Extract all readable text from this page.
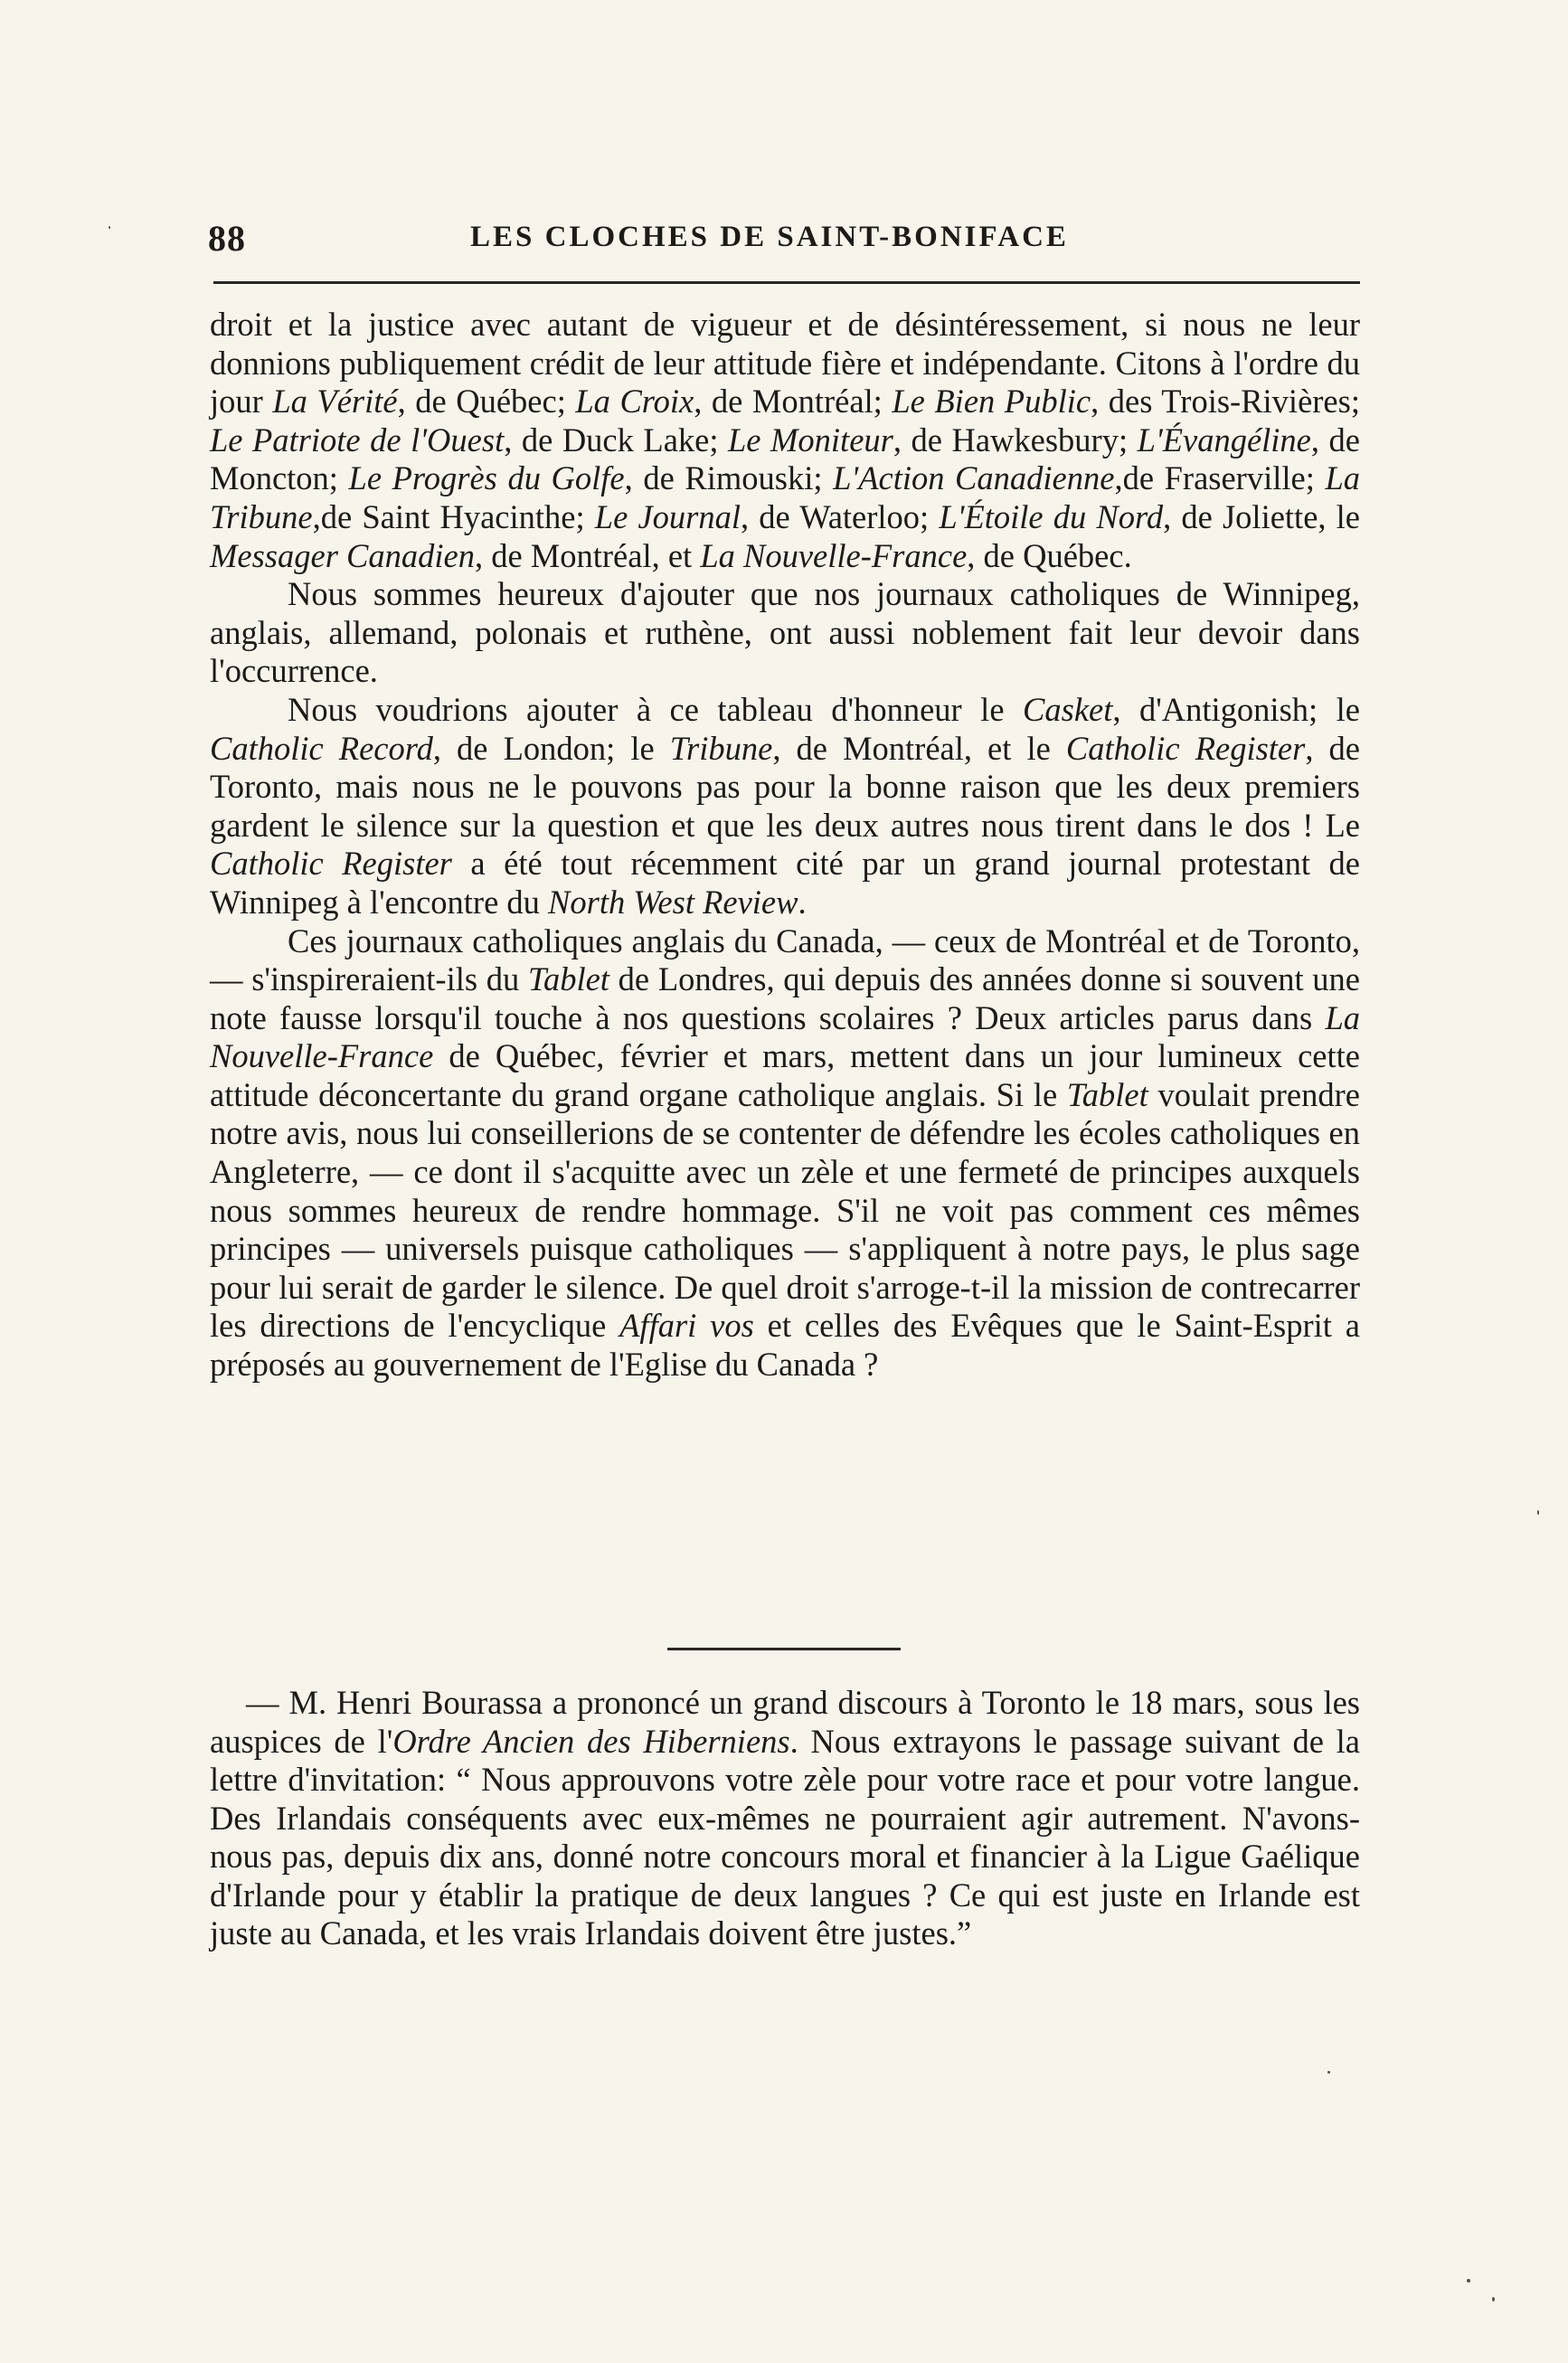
88	LES CLOCHES DE SAINT-BONIFACE

droit et la justice avec autant de vigueur et de désintéressement, si nous ne leur donnions publiquement crédit de leur attitude fière et indépendante. Citons à l'ordre du jour La Vérité, de Québec; La Croix, de Montréal; Le Bien Public, des Trois-Rivières; Le Patriote de l'Ouest, de Duck Lake; Le Moniteur, de Hawkesbury; L'Évangéline, de Moncton; Le Progrès du Golfe, de Rimouski; L'Action Canadienne,de Fraserville; La Tribune,de Saint Hyacinthe; Le Journal, de Waterloo; L'Étoile du Nord, de Joliette, le Messager Canadien, de Montréal, et La Nouvelle-France, de Québec.

Nous sommes heureux d'ajouter que nos journaux catholiques de Winnipeg, anglais, allemand, polonais et ruthène, ont aussi noblement fait leur devoir dans l'occurrence.

Nous voudrions ajouter à ce tableau d'honneur le Casket, d'Antigonish; le Catholic Record, de London; le Tribune, de Montréal, et le Catholic Register, de Toronto, mais nous ne le pouvons pas pour la bonne raison que les deux premiers gardent le silence sur la question et que les deux autres nous tirent dans le dos ! Le Catholic Register a été tout récemment cité par un grand journal protestant de Winnipeg à l'encontre du North West Review.

Ces journaux catholiques anglais du Canada, — ceux de Montréal et de Toronto, — s'inspireraient-ils du Tablet de Londres, qui depuis des années donne si souvent une note fausse lorsqu'il touche à nos questions scolaires ? Deux articles parus dans La Nouvelle-France de Québec, février et mars, mettent dans un jour lumineux cette attitude déconcertante du grand organe catholique anglais. Si le Tablet voulait prendre notre avis, nous lui conseillerions de se contenter de défendre les écoles catholiques en Angleterre, — ce dont il s'acquitte avec un zèle et une fermeté de principes auxquels nous sommes heureux de rendre hommage. S'il ne voit pas comment ces mêmes principes — universels puisque catholiques — s'appliquent à notre pays, le plus sage pour lui serait de garder le silence. De quel droit s'arroge-t-il la mission de contrecarrer les directions de l'encyclique Affari vos et celles des Evêques que le Saint-Esprit a préposés au gouvernement de l'Eglise du Canada ?

— M. Henri Bourassa a prononcé un grand discours à Toronto le 18 mars, sous les auspices de l'Ordre Ancien des Hiberniens. Nous extrayons le passage suivant de la lettre d'invitation: “ Nous approuvons votre zèle pour votre race et pour votre langue. Des Irlandais conséquents avec eux-mêmes ne pourraient agir autrement. N'avons-nous pas, depuis dix ans, donné notre concours moral et financier à la Ligue Gaélique d'Irlande pour y établir la pratique de deux langues ? Ce qui est juste en Irlande est juste au Canada, et les vrais Irlandais doivent être justes.”
